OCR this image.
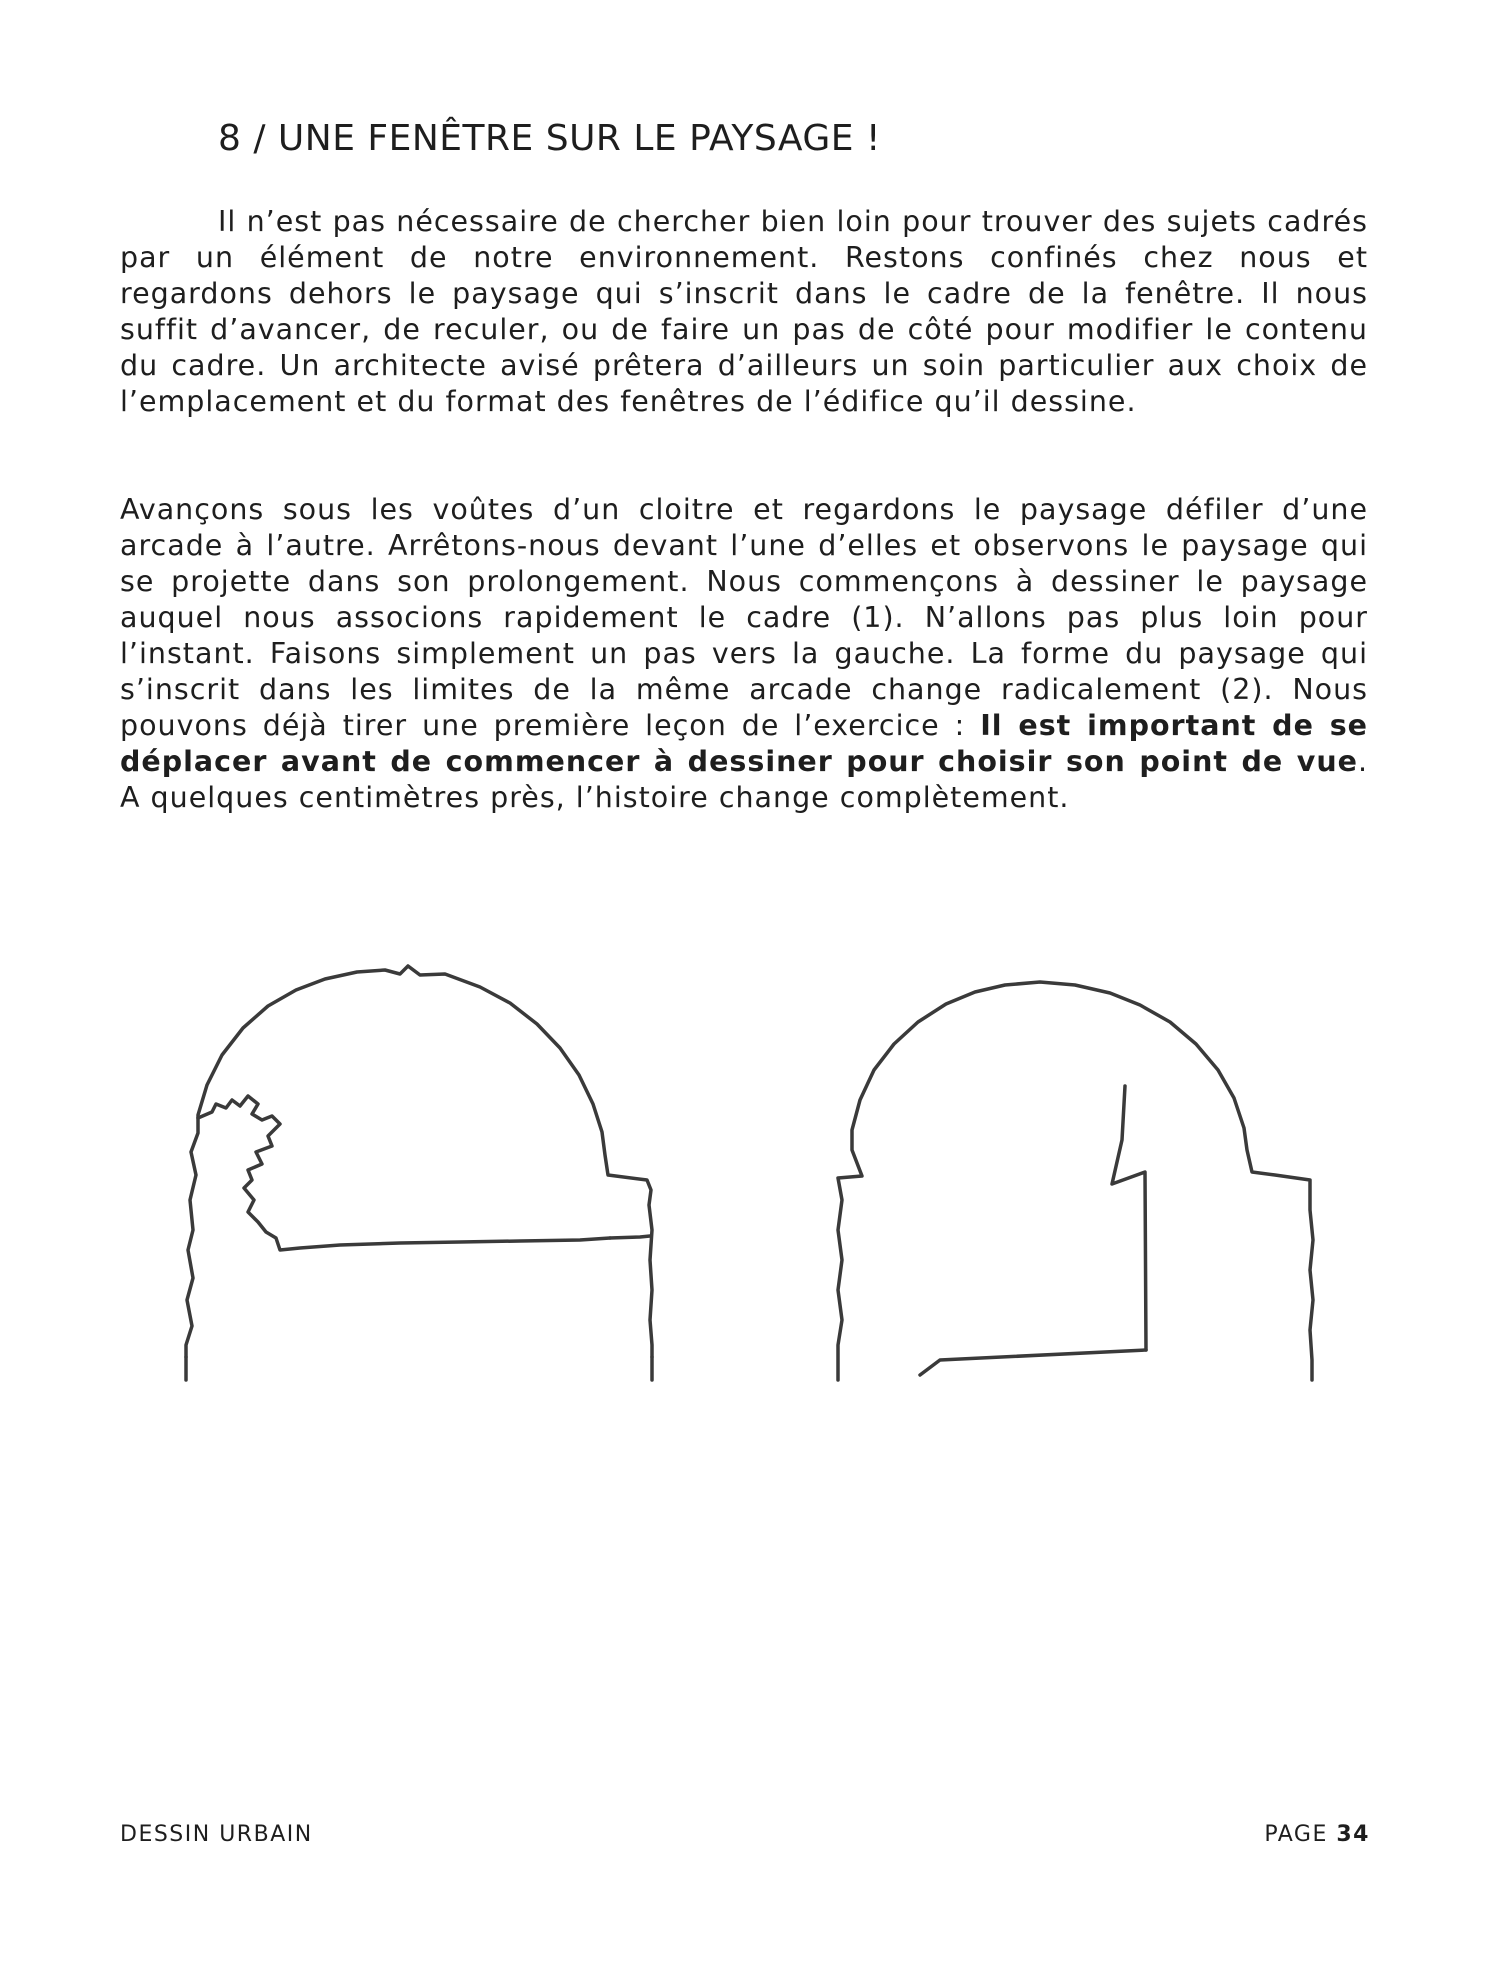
8 / UNE FENÊTRE SUR LE PAYSAGE !

Il n’est pas nécessaire de chercher bien loin pour trouver des sujets cadrés par un élément de notre environnement. Restons confinés chez nous et regardons dehors le paysage qui s’inscrit dans le cadre de la fenêtre. Il nous suffit d’avancer, de reculer, ou de faire un pas de côté pour modifier le contenu du cadre. Un architecte avisé prêtera d’ailleurs un soin particulier aux choix de l’emplacement et du format des fenêtres de l’édifice qu’il dessine.

Avançons sous les voûtes d’un cloitre et regardons le paysage défiler d’une arcade à l’autre. Arrêtons-nous devant l’une d’elles et observons le paysage qui se projette dans son prolongement. Nous commençons à dessiner le paysage auquel nous associons rapidement le cadre (1). N’allons pas plus loin pour l’instant. Faisons simplement un pas vers la gauche. La forme du paysage qui s’inscrit dans les limites de la même arcade change radicalement (2). Nous pouvons déjà tirer une première leçon de l’exercice : Il est important de se déplacer avant de commencer à dessiner pour choisir son point de vue. A quelques centimètres près, l’histoire change complètement.

DESSIN URBAIN	PAGE 34
